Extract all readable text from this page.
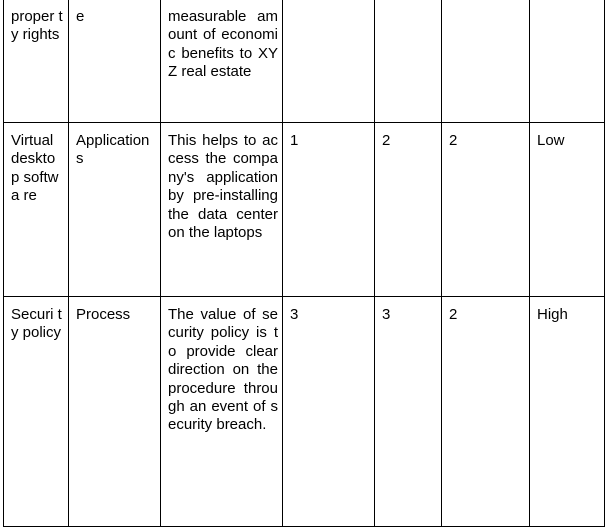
proper ty rights	e	measurable amount of economic benefits to XYZ real estate				
Virtual deskto p softwa re	Application s	This helps to access the company's application by pre-installing the data center on the laptops	1	2	2	Low
Securi ty policy	Process	The value of security policy is to provide clear direction on the procedure through an event of security breach.	3	3	2	High
